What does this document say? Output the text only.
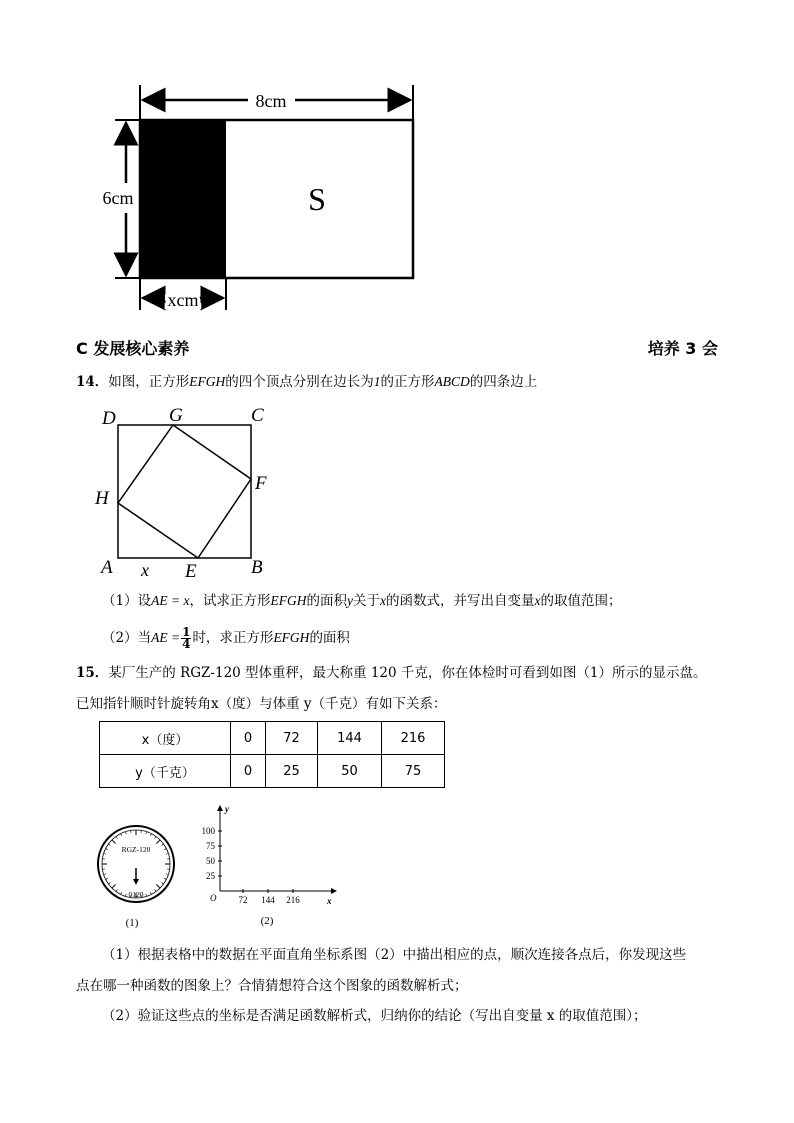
8cm
6cm
xcm
S
C 发展核心素养	培养 3 会
14．如图，正方形EFGH的四个顶点分别在边长为1的正方形ABCD的四条边上
D	G	C
H
F
A x E	B
（1）设AE = x，试求正方形EFGH的面积y关于x的函数式，并写出自变量x的取值范围；
（2）当AE = $\frac{1}{4}$ 时，求正方形EFGH的面积
15．某厂生产的 RGZ-120 型体重秤，最大称重 120 千克，你在体检时可看到如图（1）所示的显示盘。
已知指针顺时针旋转角x（度）与体重 y（千克）有如下关系：
x（度）	0	72	144	216
y（千克）	0	25	50	75
RGZ-120
0120
(1)
y
x
O
100
75
50
25
72 144 216
(2)
（1）根据表格中的数据在平面直角坐标系图（2）中描出相应的点，顺次连接各点后，你发现这些
点在哪一种函数的图象上？合情猜想符合这个图象的函数解析式；
（2）验证这些点的坐标是否满足函数解析式，归纳你的结论（写出自变量 x 的取值范围）；
